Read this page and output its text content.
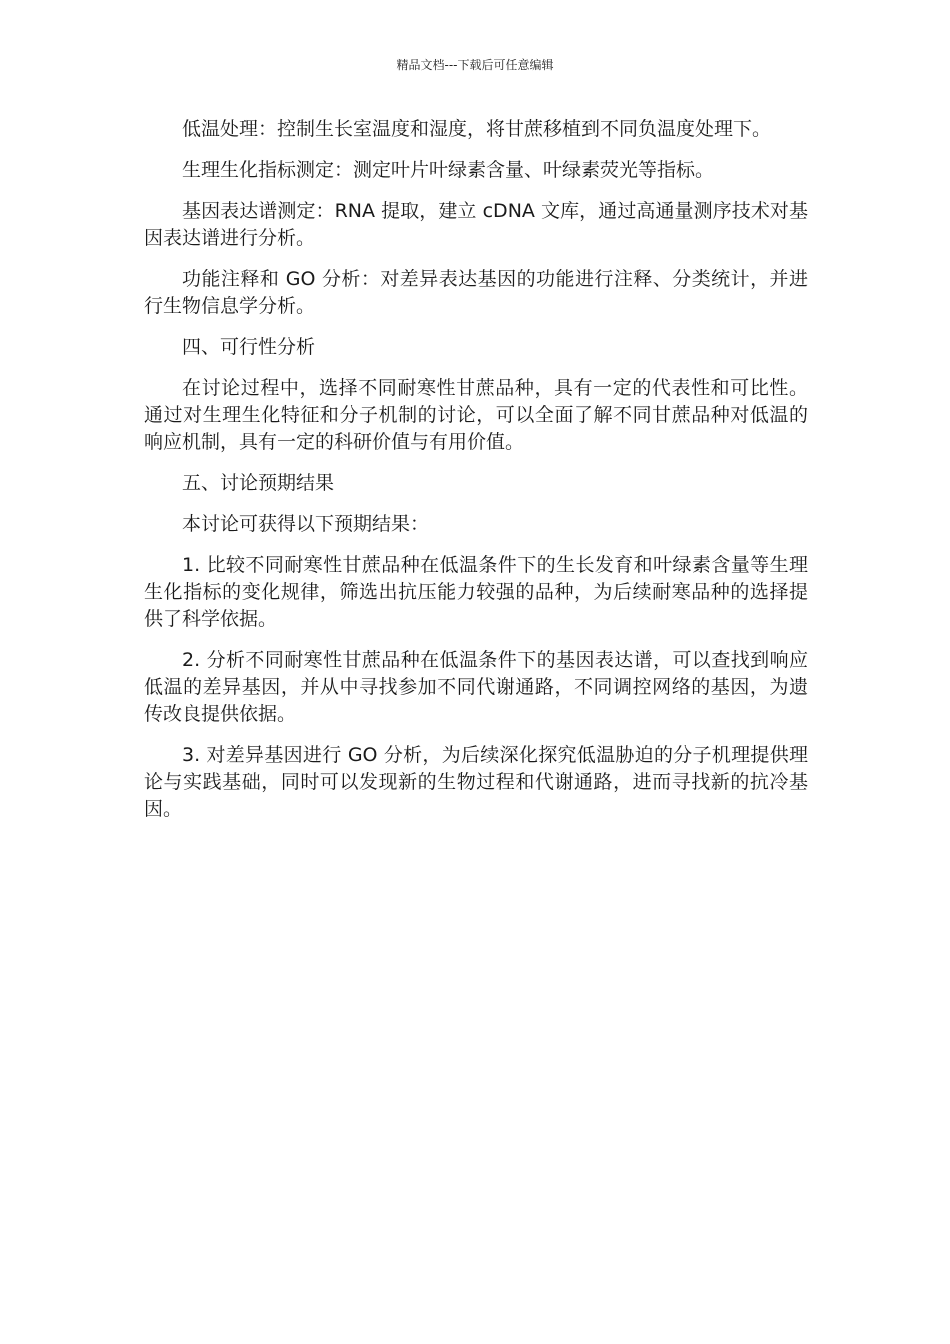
精品文档---下载后可任意编辑

低温处理：控制生长室温度和湿度，将甘蔗移植到不同负温度处理下。

生理生化指标测定：测定叶片叶绿素含量、叶绿素荧光等指标。

基因表达谱测定：RNA 提取，建立 cDNA 文库，通过高通量测序技术对基因表达谱进行分析。

功能注释和 GO 分析：对差异表达基因的功能进行注释、分类统计，并进行生物信息学分析。

四、可行性分析

在讨论过程中，选择不同耐寒性甘蔗品种，具有一定的代表性和可比性。通过对生理生化特征和分子机制的讨论，可以全面了解不同甘蔗品种对低温的响应机制，具有一定的科研价值与有用价值。

五、讨论预期结果

本讨论可获得以下预期结果：

1. 比较不同耐寒性甘蔗品种在低温条件下的生长发育和叶绿素含量等生理生化指标的变化规律，筛选出抗压能力较强的品种，为后续耐寒品种的选择提供了科学依据。

2. 分析不同耐寒性甘蔗品种在低温条件下的基因表达谱，可以查找到响应低温的差异基因，并从中寻找参加不同代谢通路，不同调控网络的基因，为遗传改良提供依据。

3. 对差异基因进行 GO 分析，为后续深化探究低温胁迫的分子机理提供理论与实践基础，同时可以发现新的生物过程和代谢通路，进而寻找新的抗冷基因。
